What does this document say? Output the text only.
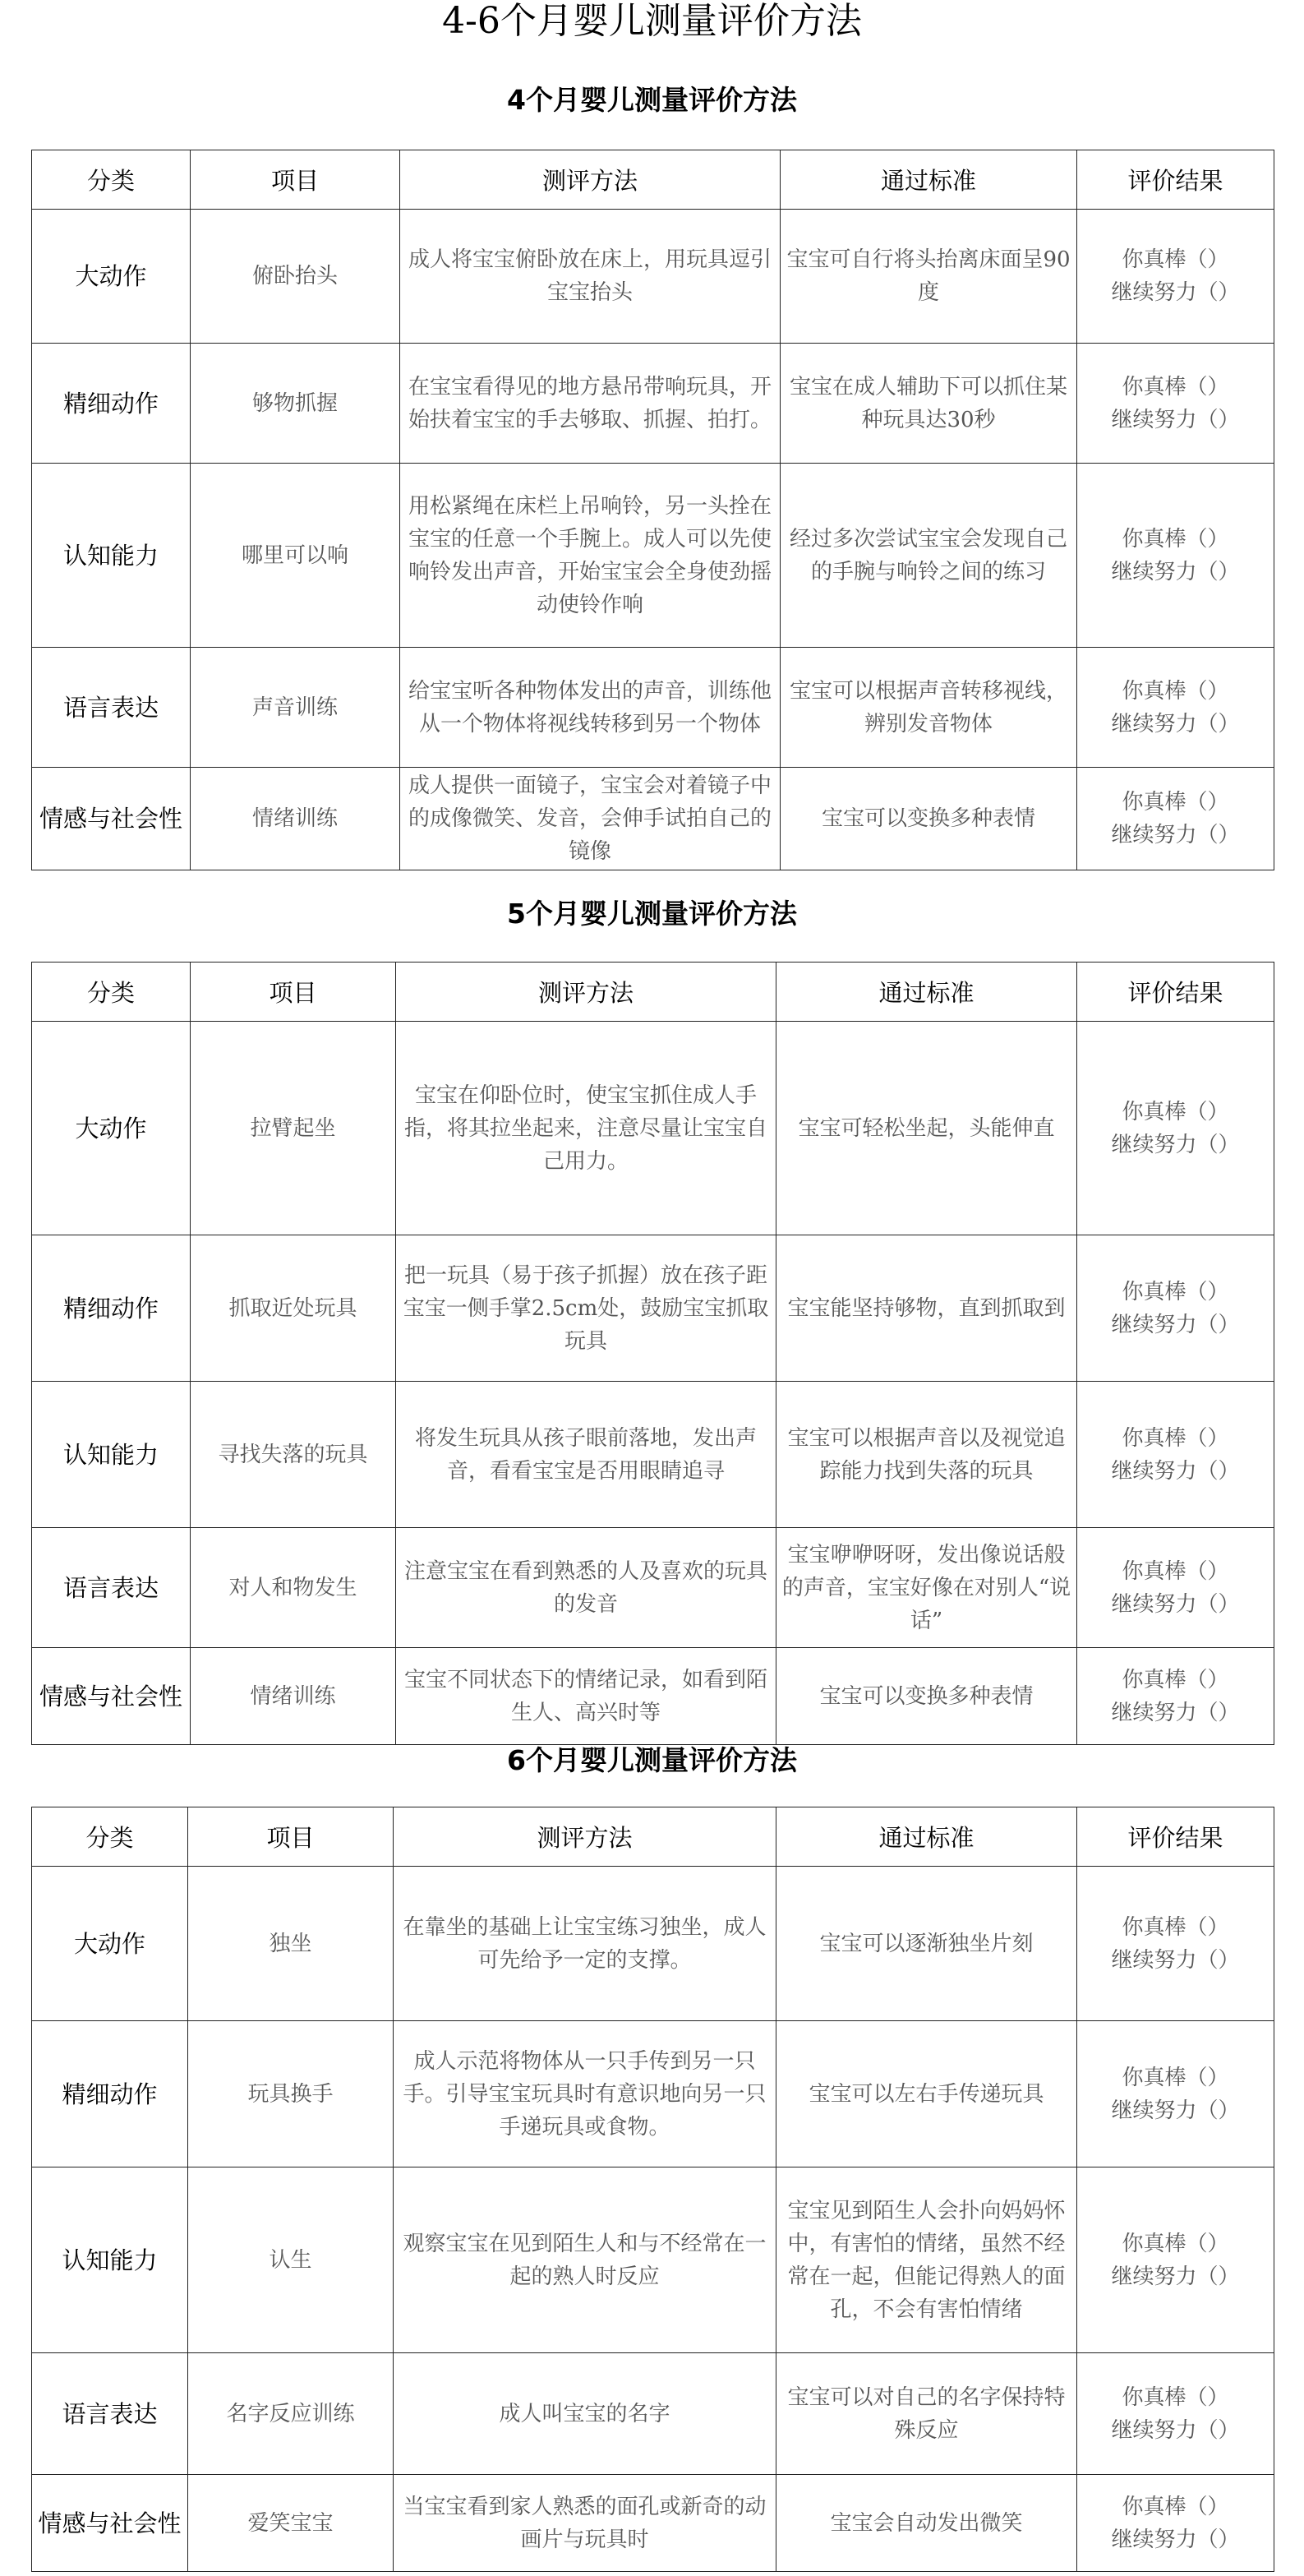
4-6个月婴儿测量评价方法
4个月婴儿测量评价方法
分类	项目	测评方法	通过标准	评价结果
大动作	俯卧抬头	成人将宝宝俯卧放在床上，用玩具逗引宝宝抬头	宝宝可自行将头抬离床面呈90度	你真棒（）
继续努力（）

精细动作	够物抓握	在宝宝看得见的地方悬吊带响玩具，开始扶着宝宝的手去够取、抓握、拍打。	宝宝在成人辅助下可以抓住某种玩具达30秒	你真棒（）
继续努力（）

认知能力	哪里可以响	用松紧绳在床栏上吊响铃，另一头拴在宝宝的任意一个手腕上。成人可以先使响铃发出声音，开始宝宝会全身使劲摇动使铃作响	经过多次尝试宝宝会发现自己的手腕与响铃之间的练习	你真棒（）
继续努力（）

语言表达	声音训练	给宝宝听各种物体发出的声音，训练他从一个物体将视线转移到另一个物体	宝宝可以根据声音转移视线，辨别发音物体	你真棒（）
继续努力（）

情感与社会性	情绪训练	成人提供一面镜子，宝宝会对着镜子中的成像微笑、发音，会伸手试拍自己的镜像	宝宝可以变换多种表情	你真棒（）
继续努力（）
5个月婴儿测量评价方法
分类	项目	测评方法	通过标准	评价结果
大动作	拉臂起坐	宝宝在仰卧位时，使宝宝抓住成人手指，将其拉坐起来，注意尽量让宝宝自己用力。	宝宝可轻松坐起，头能伸直	你真棒（）
继续努力（）

精细动作	抓取近处玩具	把一玩具（易于孩子抓握）放在孩子距宝宝一侧手掌2.5cm处，鼓励宝宝抓取玩具	宝宝能坚持够物，直到抓取到	你真棒（）
继续努力（）

认知能力	寻找失落的玩具	将发生玩具从孩子眼前落地，发出声音，看看宝宝是否用眼睛追寻	宝宝可以根据声音以及视觉追踪能力找到失落的玩具	你真棒（）
继续努力（）

语言表达	对人和物发生	注意宝宝在看到熟悉的人及喜欢的玩具的发音	宝宝咿咿呀呀，发出像说话般的声音，宝宝好像在对别人“说话”	你真棒（）
继续努力（）

情感与社会性	情绪训练	宝宝不同状态下的情绪记录，如看到陌生人、高兴时等	宝宝可以变换多种表情	你真棒（）
继续努力（）
6个月婴儿测量评价方法
分类	项目	测评方法	通过标准	评价结果
大动作	独坐	在靠坐的基础上让宝宝练习独坐，成人可先给予一定的支撑。	宝宝可以逐渐独坐片刻	你真棒（）
继续努力（）

精细动作	玩具换手	成人示范将物体从一只手传到另一只手。引导宝宝玩具时有意识地向另一只手递玩具或食物。	宝宝可以左右手传递玩具	你真棒（）
继续努力（）

认知能力	认生	观察宝宝在见到陌生人和与不经常在一起的熟人时反应	宝宝见到陌生人会扑向妈妈怀中，有害怕的情绪，虽然不经常在一起，但能记得熟人的面孔，不会有害怕情绪	你真棒（）
继续努力（）

语言表达	名字反应训练	成人叫宝宝的名字	宝宝可以对自己的名字保持特殊反应	你真棒（）
继续努力（）

情感与社会性	爱笑宝宝	当宝宝看到家人熟悉的面孔或新奇的动画片与玩具时	宝宝会自动发出微笑	你真棒（）
继续努力（）
